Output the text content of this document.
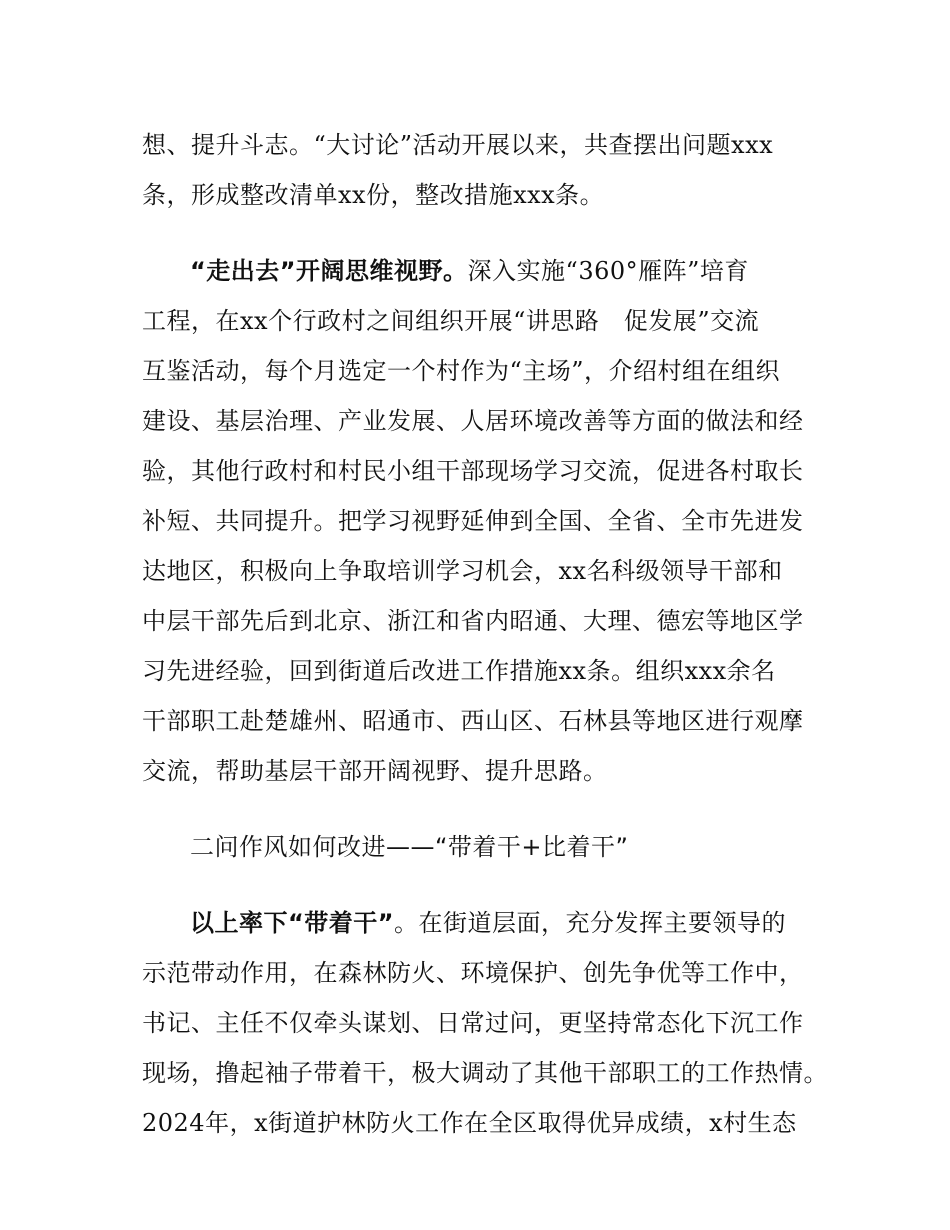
想、提升斗志。“大讨论”活动开展以来，共查摆出问题xxx
条，形成整改清单xx份，整改措施xxx条。
“走出去”开阔思维视野。深入实施“360°雁阵”培育
工程，在xx个行政村之间组织开展“讲思路　促发展”交流
互鉴活动，每个月选定一个村作为“主场”，介绍村组在组织
建设、基层治理、产业发展、人居环境改善等方面的做法和经
验，其他行政村和村民小组干部现场学习交流，促进各村取长
补短、共同提升。把学习视野延伸到全国、全省、全市先进发
达地区，积极向上争取培训学习机会，xx名科级领导干部和
中层干部先后到北京、浙江和省内昭通、大理、德宏等地区学
习先进经验，回到街道后改进工作措施xx条。组织xxx余名
干部职工赴楚雄州、昭通市、西山区、石林县等地区进行观摩
交流，帮助基层干部开阔视野、提升思路。
二问作风如何改进——“带着干+比着干”
以上率下“带着干”。在街道层面，充分发挥主要领导的
示范带动作用，在森林防火、环境保护、创先争优等工作中，
书记、主任不仅牵头谋划、日常过问，更坚持常态化下沉工作
现场，撸起袖子带着干，极大调动了其他干部职工的工作热情。
2024年，x街道护林防火工作在全区取得优异成绩，x村生态
